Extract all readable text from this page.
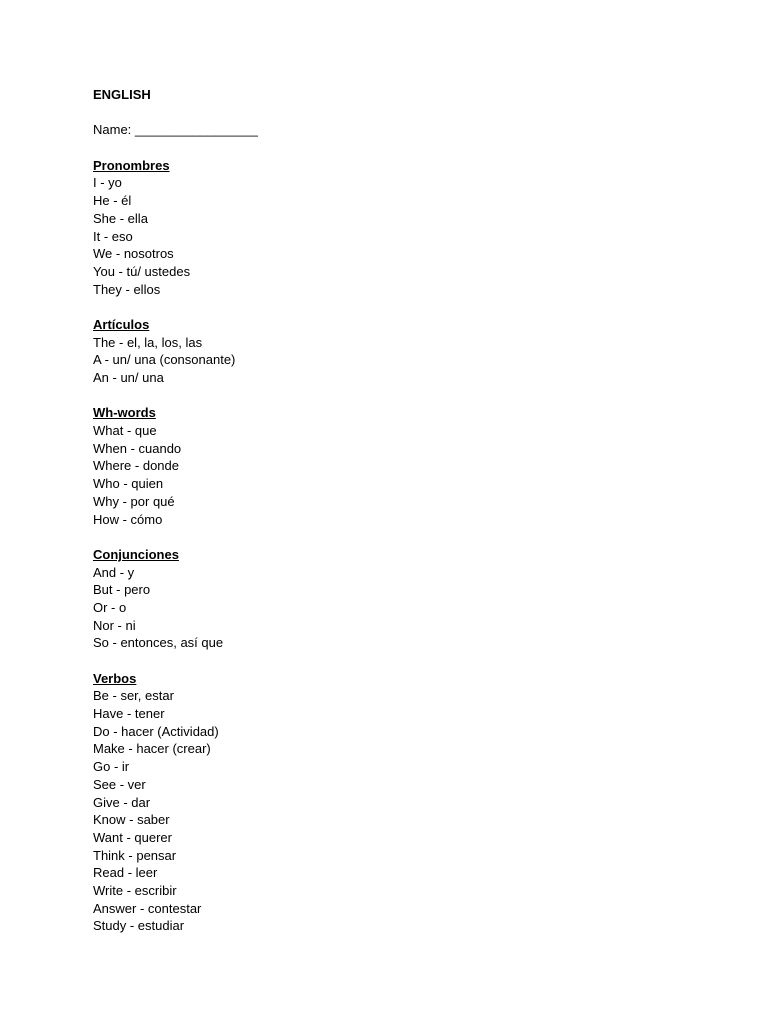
ENGLISH
Name: _________________
Pronombres
I - yo
He - él
She - ella
It - eso
We - nosotros
You - tú/ ustedes
They - ellos
Artículos
The - el, la, los, las
A - un/ una (consonante)
An - un/ una
Wh-words
What - que
When - cuando
Where - donde
Who - quien
Why - por qué
How - cómo
Conjunciones
And - y
But - pero
Or - o
Nor - ni
So - entonces, así que
Verbos
Be - ser, estar
Have - tener
Do - hacer (Actividad)
Make - hacer (crear)
Go - ir
See - ver
Give - dar
Know - saber
Want - querer
Think - pensar
Read - leer
Write - escribir
Answer - contestar
Study - estudiar
